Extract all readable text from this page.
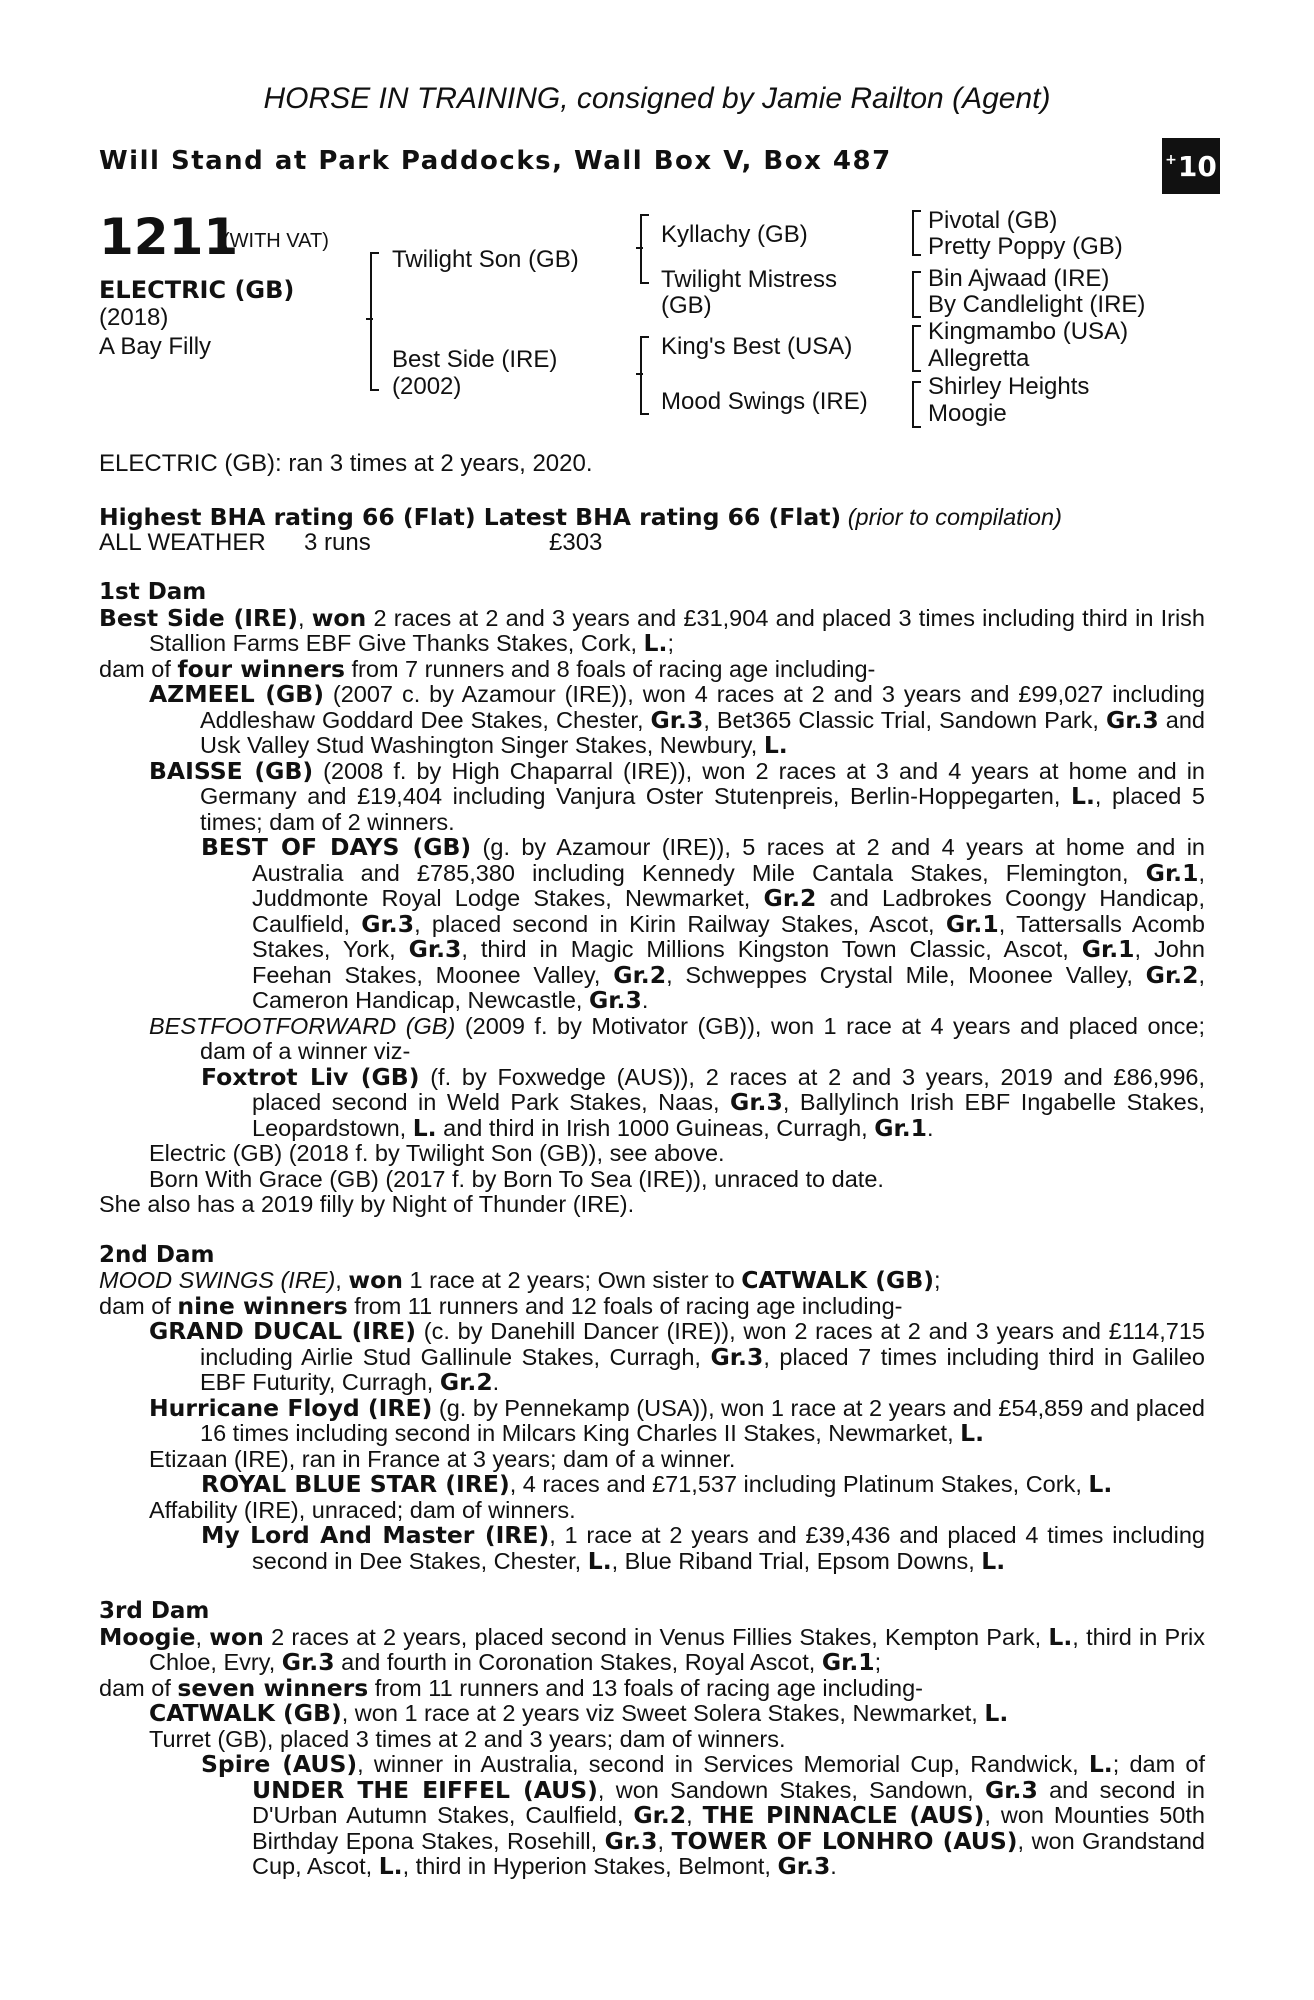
HORSE IN TRAINING, consigned by Jamie Railton (Agent)
Will Stand at Park Paddocks, Wall Box V, Box 487	+ 10
1211
(WITH VAT)
ELECTRIC (GB)
(2018)
A Bay Filly
Twilight Son (GB)
Best Side (IRE)
(2002)
Kyllachy (GB)
Twilight Mistress
(GB)
King's Best (USA)
Mood Swings (IRE)
Pivotal (GB)
Pretty Poppy (GB)
Bin Ajwaad (IRE)
By Candlelight (IRE)
Kingmambo (USA)
Allegretta
Shirley Heights
Moogie
ELECTRIC (GB): ran 3 times at 2 years, 2020.
Highest BHA rating 66 (Flat) Latest BHA rating 66 (Flat) (prior to compilation)
ALL WEATHER 3 runs	£303

1st Dam

Best Side (IRE), won 2 races at 2 and 3 years and £31,904 and placed 3 times including third in Irish Stallion Farms EBF Give Thanks Stakes, Cork, L.;

dam of four winners from 7 runners and 8 foals of racing age including-

AZMEEL (GB) (2007 c. by Azamour (IRE)), won 4 races at 2 and 3 years and £99,027 including Addleshaw Goddard Dee Stakes, Chester, Gr.3, Bet365 Classic Trial, Sandown Park, Gr.3 and Usk Valley Stud Washington Singer Stakes, Newbury, L.

BAISSE (GB) (2008 f. by High Chaparral (IRE)), won 2 races at 3 and 4 years at home and in Germany and £19,404 including Vanjura Oster Stutenpreis, Berlin-Hoppegarten, L., placed 5 times; dam of 2 winners.

BEST OF DAYS (GB) (g. by Azamour (IRE)), 5 races at 2 and 4 years at home and in Australia and £785,380 including Kennedy Mile Cantala Stakes, Flemington, Gr.1, Juddmonte Royal Lodge Stakes, Newmarket, Gr.2 and Ladbrokes Coongy Handicap, Caulfield, Gr.3, placed second in Kirin Railway Stakes, Ascot, Gr.1, Tattersalls Acomb Stakes, York, Gr.3, third in Magic Millions Kingston Town Classic, Ascot, Gr.1, John Feehan Stakes, Moonee Valley, Gr.2, Schweppes Crystal Mile, Moonee Valley, Gr.2, Cameron Handicap, Newcastle, Gr.3.

BESTFOOTFORWARD (GB) (2009 f. by Motivator (GB)), won 1 race at 4 years and placed once; dam of a winner viz-

Foxtrot Liv (GB) (f. by Foxwedge (AUS)), 2 races at 2 and 3 years, 2019 and £86,996, placed second in Weld Park Stakes, Naas, Gr.3, Ballylinch Irish EBF Ingabelle Stakes, Leopardstown, L. and third in Irish 1000 Guineas, Curragh, Gr.1.

Electric (GB) (2018 f. by Twilight Son (GB)), see above.

Born With Grace (GB) (2017 f. by Born To Sea (IRE)), unraced to date.

She also has a 2019 filly by Night of Thunder (IRE).

2nd Dam

MOOD SWINGS (IRE), won 1 race at 2 years; Own sister to CATWALK (GB);

dam of nine winners from 11 runners and 12 foals of racing age including-

GRAND DUCAL (IRE) (c. by Danehill Dancer (IRE)), won 2 races at 2 and 3 years and £114,715 including Airlie Stud Gallinule Stakes, Curragh, Gr.3, placed 7 times including third in Galileo EBF Futurity, Curragh, Gr.2.

Hurricane Floyd (IRE) (g. by Pennekamp (USA)), won 1 race at 2 years and £54,859 and placed 16 times including second in Milcars King Charles II Stakes, Newmarket, L.

Etizaan (IRE), ran in France at 3 years; dam of a winner.

ROYAL BLUE STAR (IRE), 4 races and £71,537 including Platinum Stakes, Cork, L.

Affability (IRE), unraced; dam of winners.

My Lord And Master (IRE), 1 race at 2 years and £39,436 and placed 4 times including second in Dee Stakes, Chester, L., Blue Riband Trial, Epsom Downs, L.

3rd Dam

Moogie, won 2 races at 2 years, placed second in Venus Fillies Stakes, Kempton Park, L., third in Prix Chloe, Evry, Gr.3 and fourth in Coronation Stakes, Royal Ascot, Gr.1;

dam of seven winners from 11 runners and 13 foals of racing age including-

CATWALK (GB), won 1 race at 2 years viz Sweet Solera Stakes, Newmarket, L.

Turret (GB), placed 3 times at 2 and 3 years; dam of winners.

Spire (AUS), winner in Australia, second in Services Memorial Cup, Randwick, L.; dam of UNDER THE EIFFEL (AUS), won Sandown Stakes, Sandown, Gr.3 and second in D'Urban Autumn Stakes, Caulfield, Gr.2, THE PINNACLE (AUS), won Mounties 50th Birthday Epona Stakes, Rosehill, Gr.3, TOWER OF LONHRO (AUS), won Grandstand Cup, Ascot, L., third in Hyperion Stakes, Belmont, Gr.3.
